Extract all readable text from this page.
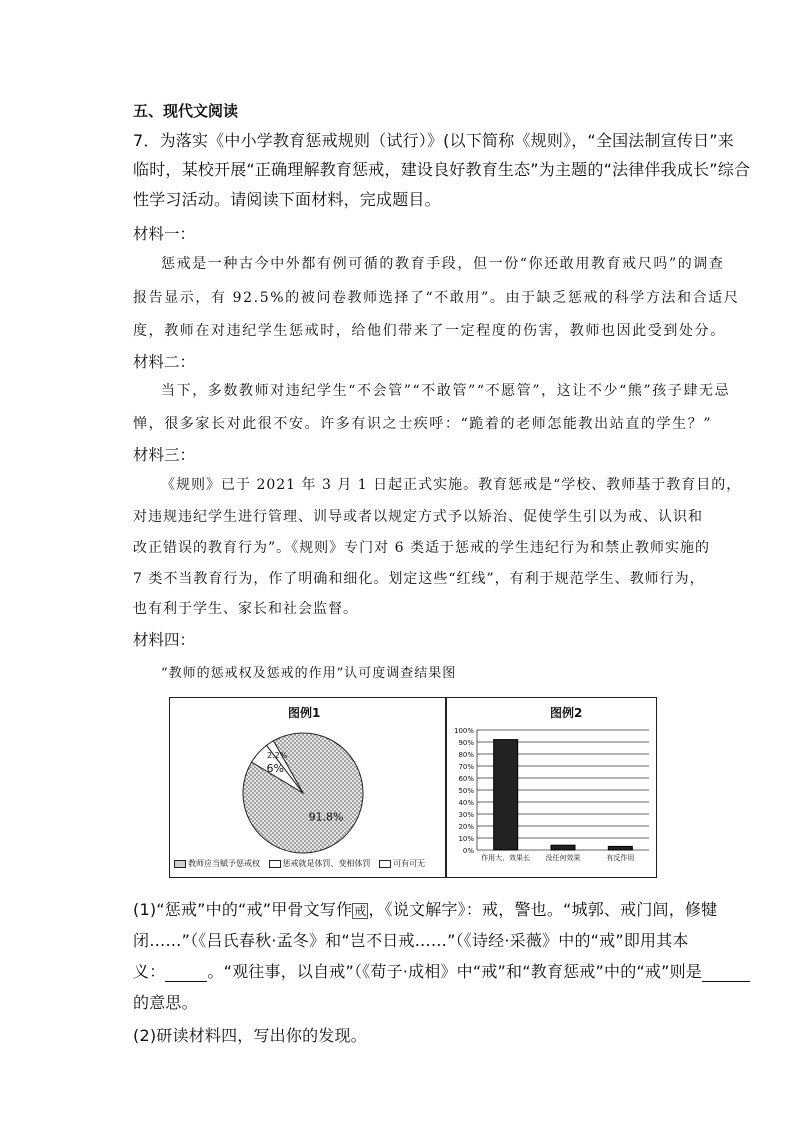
五、现代文阅读
7．为落实《中小学教育惩戒规则（试行）》(以下简称《规则》，“全国法制宣传日”来
临时，某校开展“正确理解教育惩戒，建设良好教育生态”为主题的“法律伴我成长”综合
性学习活动。请阅读下面材料，完成题目。
材料一：
惩戒是一种古今中外都有例可循的教育手段，但一份“你还敢用教育戒尺吗”的调查
报告显示，有 92.5%的被问卷教师选择了“不敢用”。由于缺乏惩戒的科学方法和合适尺
度，教师在对违纪学生惩戒时，给他们带来了一定程度的伤害，教师也因此受到处分。
材料二：
当下，多数教师对违纪学生“不会管”“不敢管”“不愿管”，这让不少“熊”孩子肆无忌
惮，很多家长对此很不安。许多有识之士疾呼：“跪着的老师怎能教出站直的学生？”
材料三：
《规则》已于 2021 年 3 月 1 日起正式实施。教育惩戒是“学校、教师基于教育目的，
对违规违纪学生进行管理、训导或者以规定方式予以矫治、促使学生引以为戒、认识和
改正错误的教育行为”。《规则》专门对 6 类适于惩戒的学生违纪行为和禁止教师实施的
7 类不当教育行为，作了明确和细化。划定这些“红线”，有利于规范学生、教师行为，
也有利于学生、家长和社会监督。
材料四：
“教师的惩戒权及惩戒的作用”认可度调查结果图
图例1
91.8%
6%
2.2%
教师应当赋予惩戒权	惩戒就是体罚、变相体罚	可有可无
图例2
0%
10%
20%
30%
40%
50%
60%
70%
80%
90%
100%
作用大，效果长 没任何效果	有反作用
(1)“惩戒”中的“戒”甲骨文写作 戒 ，《说文解字》：戒，警也。“城郭、戒门闾，修犍
闭……”（《吕氏春秋·孟冬》和“岂不日戒……”（《诗经·采薇》中的“戒”即用其本
义：	。“观往事，以自戒”（《荀子·成相》中“戒”和“教育惩戒”中的“戒”则是
的意思。
(2)研读材料四，写出你的发现。
